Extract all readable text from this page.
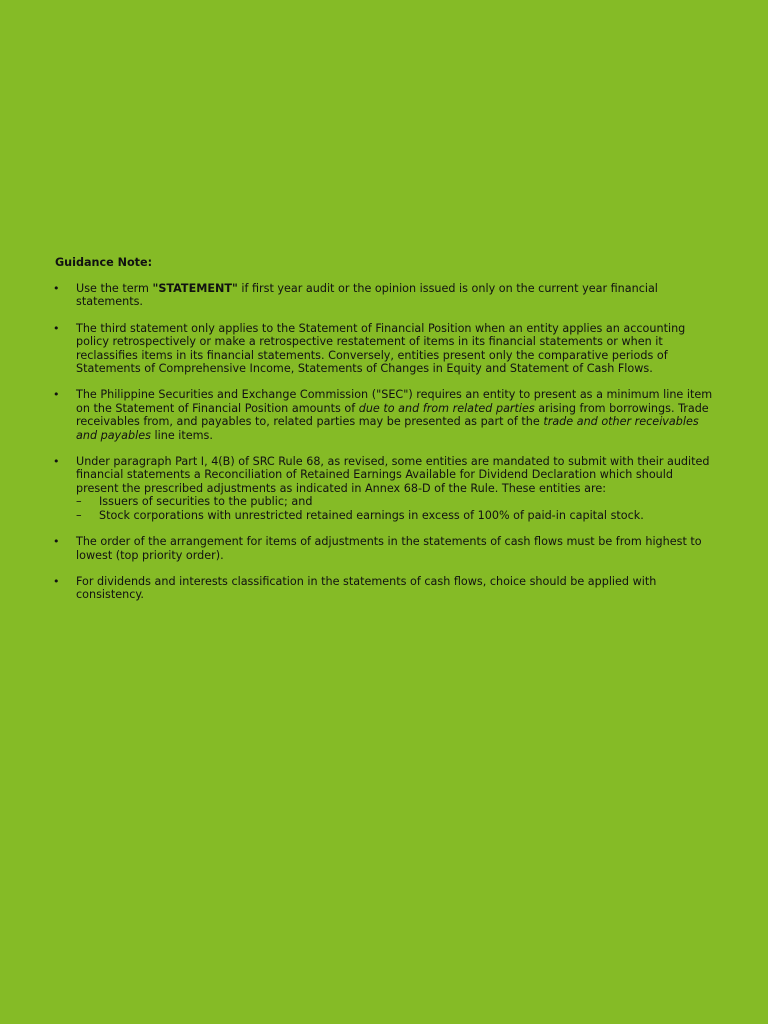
Guidance Note:
• Use the term "STATEMENT" if first year audit or the opinion issued is only on the current year financial statements.
• The third statement only applies to the Statement of Financial Position when an entity applies an accounting policy retrospectively or make a retrospective restatement of items in its financial statements or when it reclassifies items in its financial statements. Conversely, entities present only the comparative periods of Statements of Comprehensive Income, Statements of Changes in Equity and Statement of Cash Flows.
• The Philippine Securities and Exchange Commission ("SEC") requires an entity to present as a minimum line item on the Statement of Financial Position amounts of due to and from related parties arising from borrowings. Trade receivables from, and payables to, related parties may be presented as part of the trade and other receivables and payables line items.
• Under paragraph Part I, 4(B) of SRC Rule 68, as revised, some entities are mandated to submit with their audited financial statements a Reconciliation of Retained Earnings Available for Dividend Declaration which should present the prescribed adjustments as indicated in Annex 68-D of the Rule. These entities are:
– Issuers of securities to the public; and
– Stock corporations with unrestricted retained earnings in excess of 100% of paid-in capital stock.
• The order of the arrangement for items of adjustments in the statements of cash flows must be from highest to lowest (top priority order).
• For dividends and interests classification in the statements of cash flows, choice should be applied with consistency.
